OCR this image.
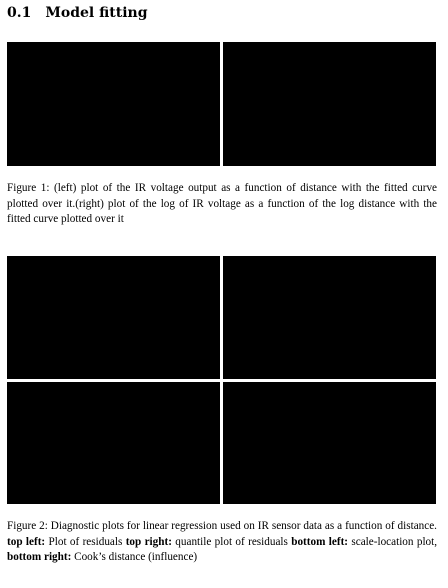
0.1 Model fitting
Figure 1: (left) plot of the IR voltage output as a function of distance with the fitted curve plotted over it.(right) plot of the log of IR voltage as a function of the log distance with the fitted curve plotted over it
Figure 2: Diagnostic plots for linear regression used on IR sensor data as a function of distance. top left: Plot of residuals top right: quantile plot of residuals bottom left: scale-location plot, bottom right: Cook’s distance (influence)
